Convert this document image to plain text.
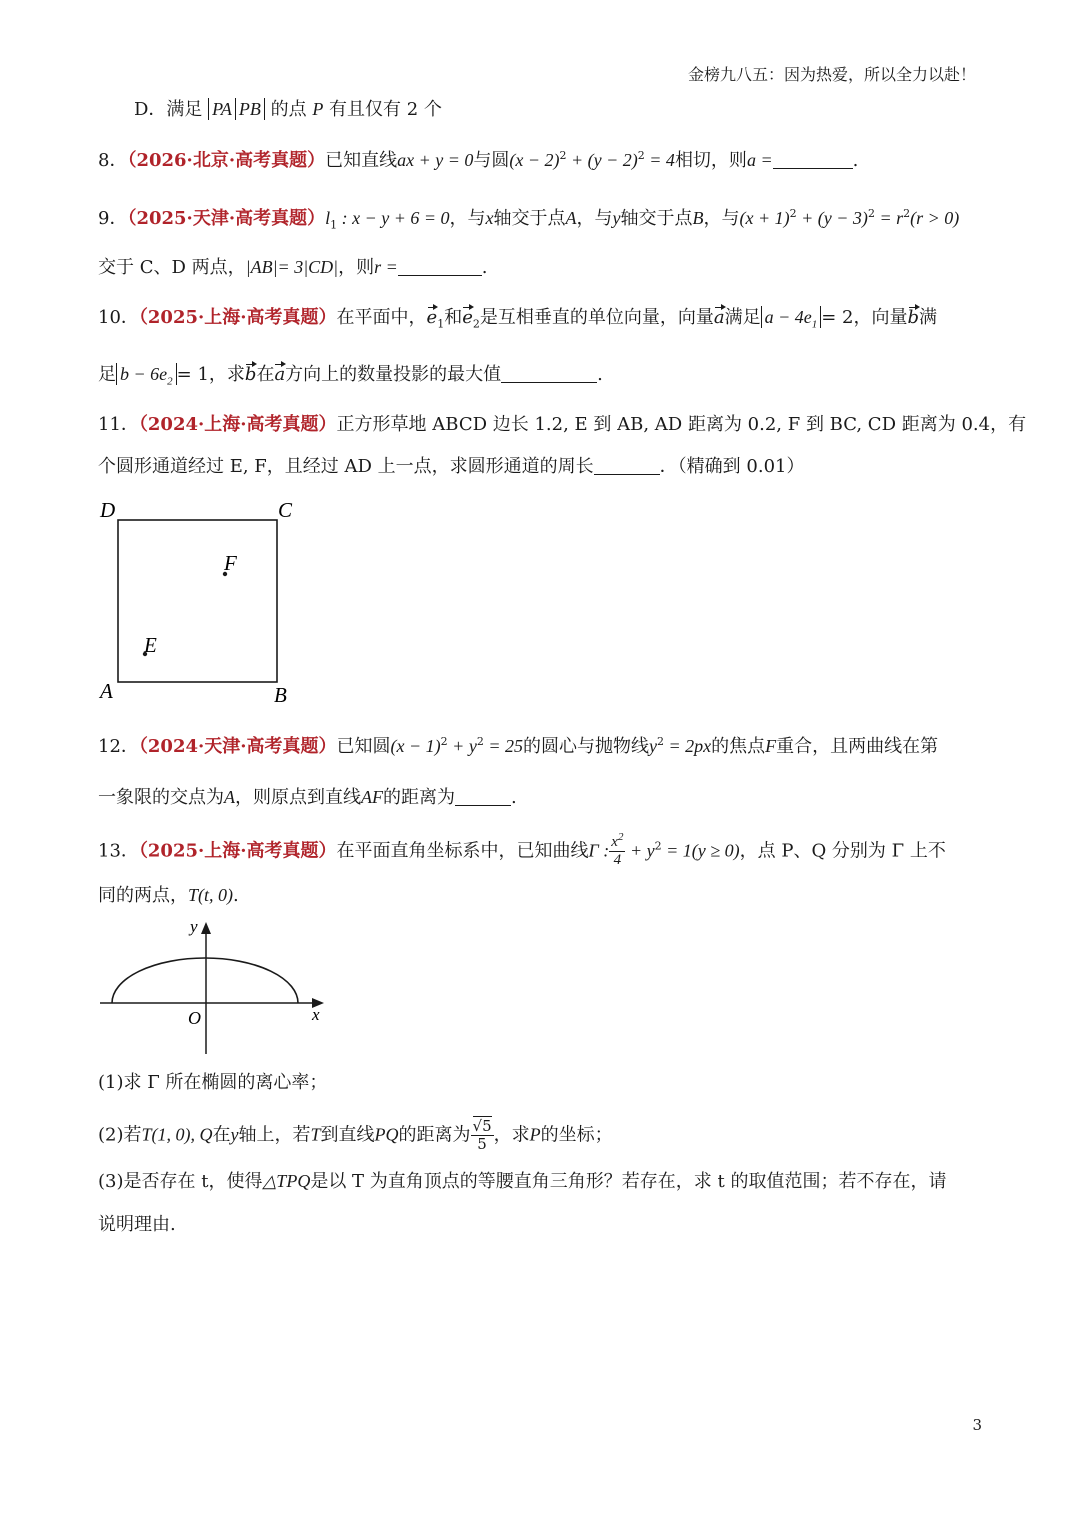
金榜九八五：因为热爱，所以全力以赴！
D．满足 PA PB 的点 P 有且仅有 2 个
8．（2026·北京·高考真题）已知直线ax + y = 0与圆$(x - 2)^2 + (y - 2)^2 = 4$相切，则a =	.
9．（2025·天津·高考真题）$l_1$ : x − y + 6 = 0，与x轴交于点A，与y轴交于点B，与$(x + 1)^2 + (y - 3)^2 = r^2(r > 0)$
交于 C、D 两点，|AB|= 3|CD|，则r =	.
10．（2025·上海·高考真题）在平面中，$e_1$和$e_2$是互相垂直的单位向量，向量a满足 $a - 4e_1 = 2$，向量b满
足 $b - 6e_2 = 1$，求b在a方向上的数量投影的最大值	.
11．（2024·上海·高考真题）正方形草地 ABCD 边长 1.2, E 到 AB, AD 距离为 0.2, F 到 BC, CD 距离为 0.4，有
个圆形通道经过 E, F，且经过 AD 上一点，求圆形通道的周长	．（精确到 0.01）
D	C
A	B
E
F
12．（2024·天津·高考真题）已知圆$(x - 1)^2 + y^2 = 25$的圆心与抛物线$y^2 = 2px$的焦点F重合，且两曲线在第
一象限的交点为A，则原点到直线AF的距离为	.
13．（2025·上海·高考真题）在平面直角坐标系中，已知曲线Γ : $\frac{x^2}{4} + y^2 = 1(y \ge 0)$，点 P、Q 分别为 Γ 上不
同的两点，T(t, 0).
y
x
O
(1)求 Γ 所在椭圆的离心率；
(2)若T(1, 0), Q在y轴上，若T到直线PQ的距离为 $\frac{√5}{5}$ ，求P的坐标；
(3)是否存在 t，使得△TPQ是以 T 为直角顶点的等腰直角三角形？若存在，求 t 的取值范围；若不存在，请
说明理由.
3
